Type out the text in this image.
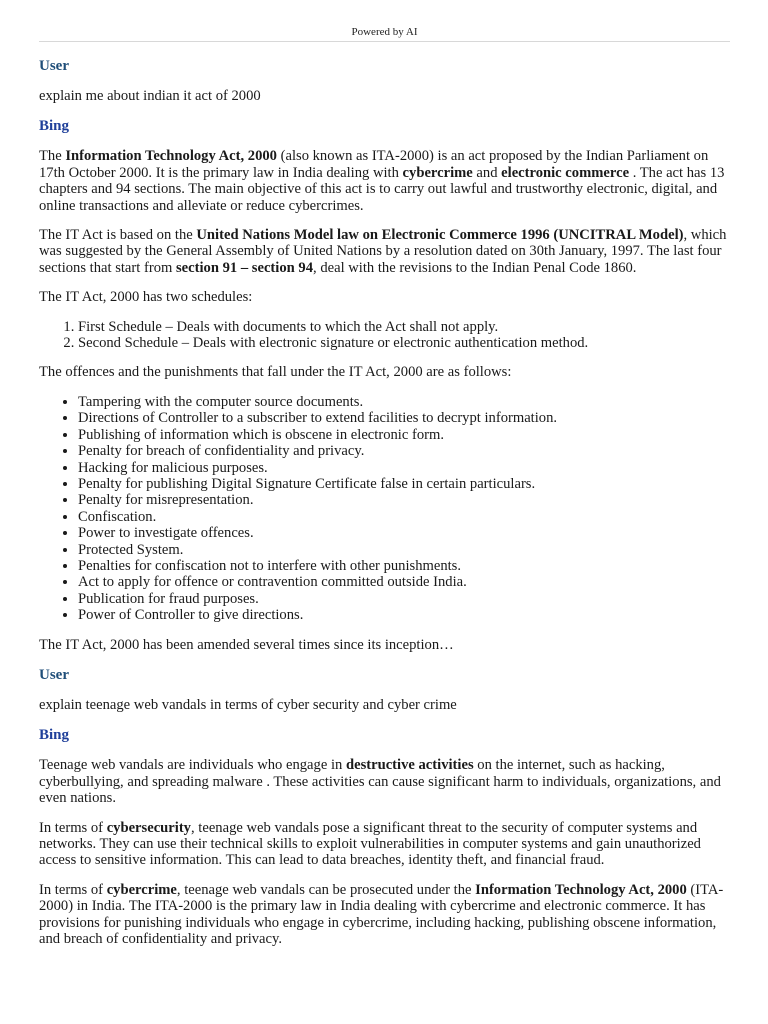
Powered by AI
User

explain me about indian it act of 2000

Bing

The Information Technology Act, 2000 (also known as ITA-2000) is an act proposed by the Indian Parliament on 17th October 2000. It is the primary law in India dealing with cybercrime and electronic commerce . The act has 13 chapters and 94 sections. The main objective of this act is to carry out lawful and trustworthy electronic, digital, and online transactions and alleviate or reduce cybercrimes.

The IT Act is based on the United Nations Model law on Electronic Commerce 1996 (UNCITRAL Model), which was suggested by the General Assembly of United Nations by a resolution dated on 30th January, 1997. The last four sections that start from section 91 – section 94, deal with the revisions to the Indian Penal Code 1860.

The IT Act, 2000 has two schedules:

1. First Schedule – Deals with documents to which the Act shall not apply.
2. Second Schedule – Deals with electronic signature or electronic authentication method.

The offences and the punishments that fall under the IT Act, 2000 are as follows:

• Tampering with the computer source documents.
• Directions of Controller to a subscriber to extend facilities to decrypt information.
• Publishing of information which is obscene in electronic form.
• Penalty for breach of confidentiality and privacy.
• Hacking for malicious purposes.
• Penalty for publishing Digital Signature Certificate false in certain particulars.
• Penalty for misrepresentation.
• Confiscation.
• Power to investigate offences.
• Protected System.
• Penalties for confiscation not to interfere with other punishments.
• Act to apply for offence or contravention committed outside India.
• Publication for fraud purposes.
• Power of Controller to give directions.

The IT Act, 2000 has been amended several times since its inception…

User

explain teenage web vandals in terms of cyber security and cyber crime

Bing

Teenage web vandals are individuals who engage in destructive activities on the internet, such as hacking, cyberbullying, and spreading malware . These activities can cause significant harm to individuals, organizations, and even nations.

In terms of cybersecurity, teenage web vandals pose a significant threat to the security of computer systems and networks. They can use their technical skills to exploit vulnerabilities in computer systems and gain unauthorized access to sensitive information. This can lead to data breaches, identity theft, and financial fraud.

In terms of cybercrime, teenage web vandals can be prosecuted under the Information Technology Act, 2000 (ITA-2000) in India. The ITA-2000 is the primary law in India dealing with cybercrime and electronic commerce. It has provisions for punishing individuals who engage in cybercrime, including hacking, publishing obscene information, and breach of confidentiality and privacy.
